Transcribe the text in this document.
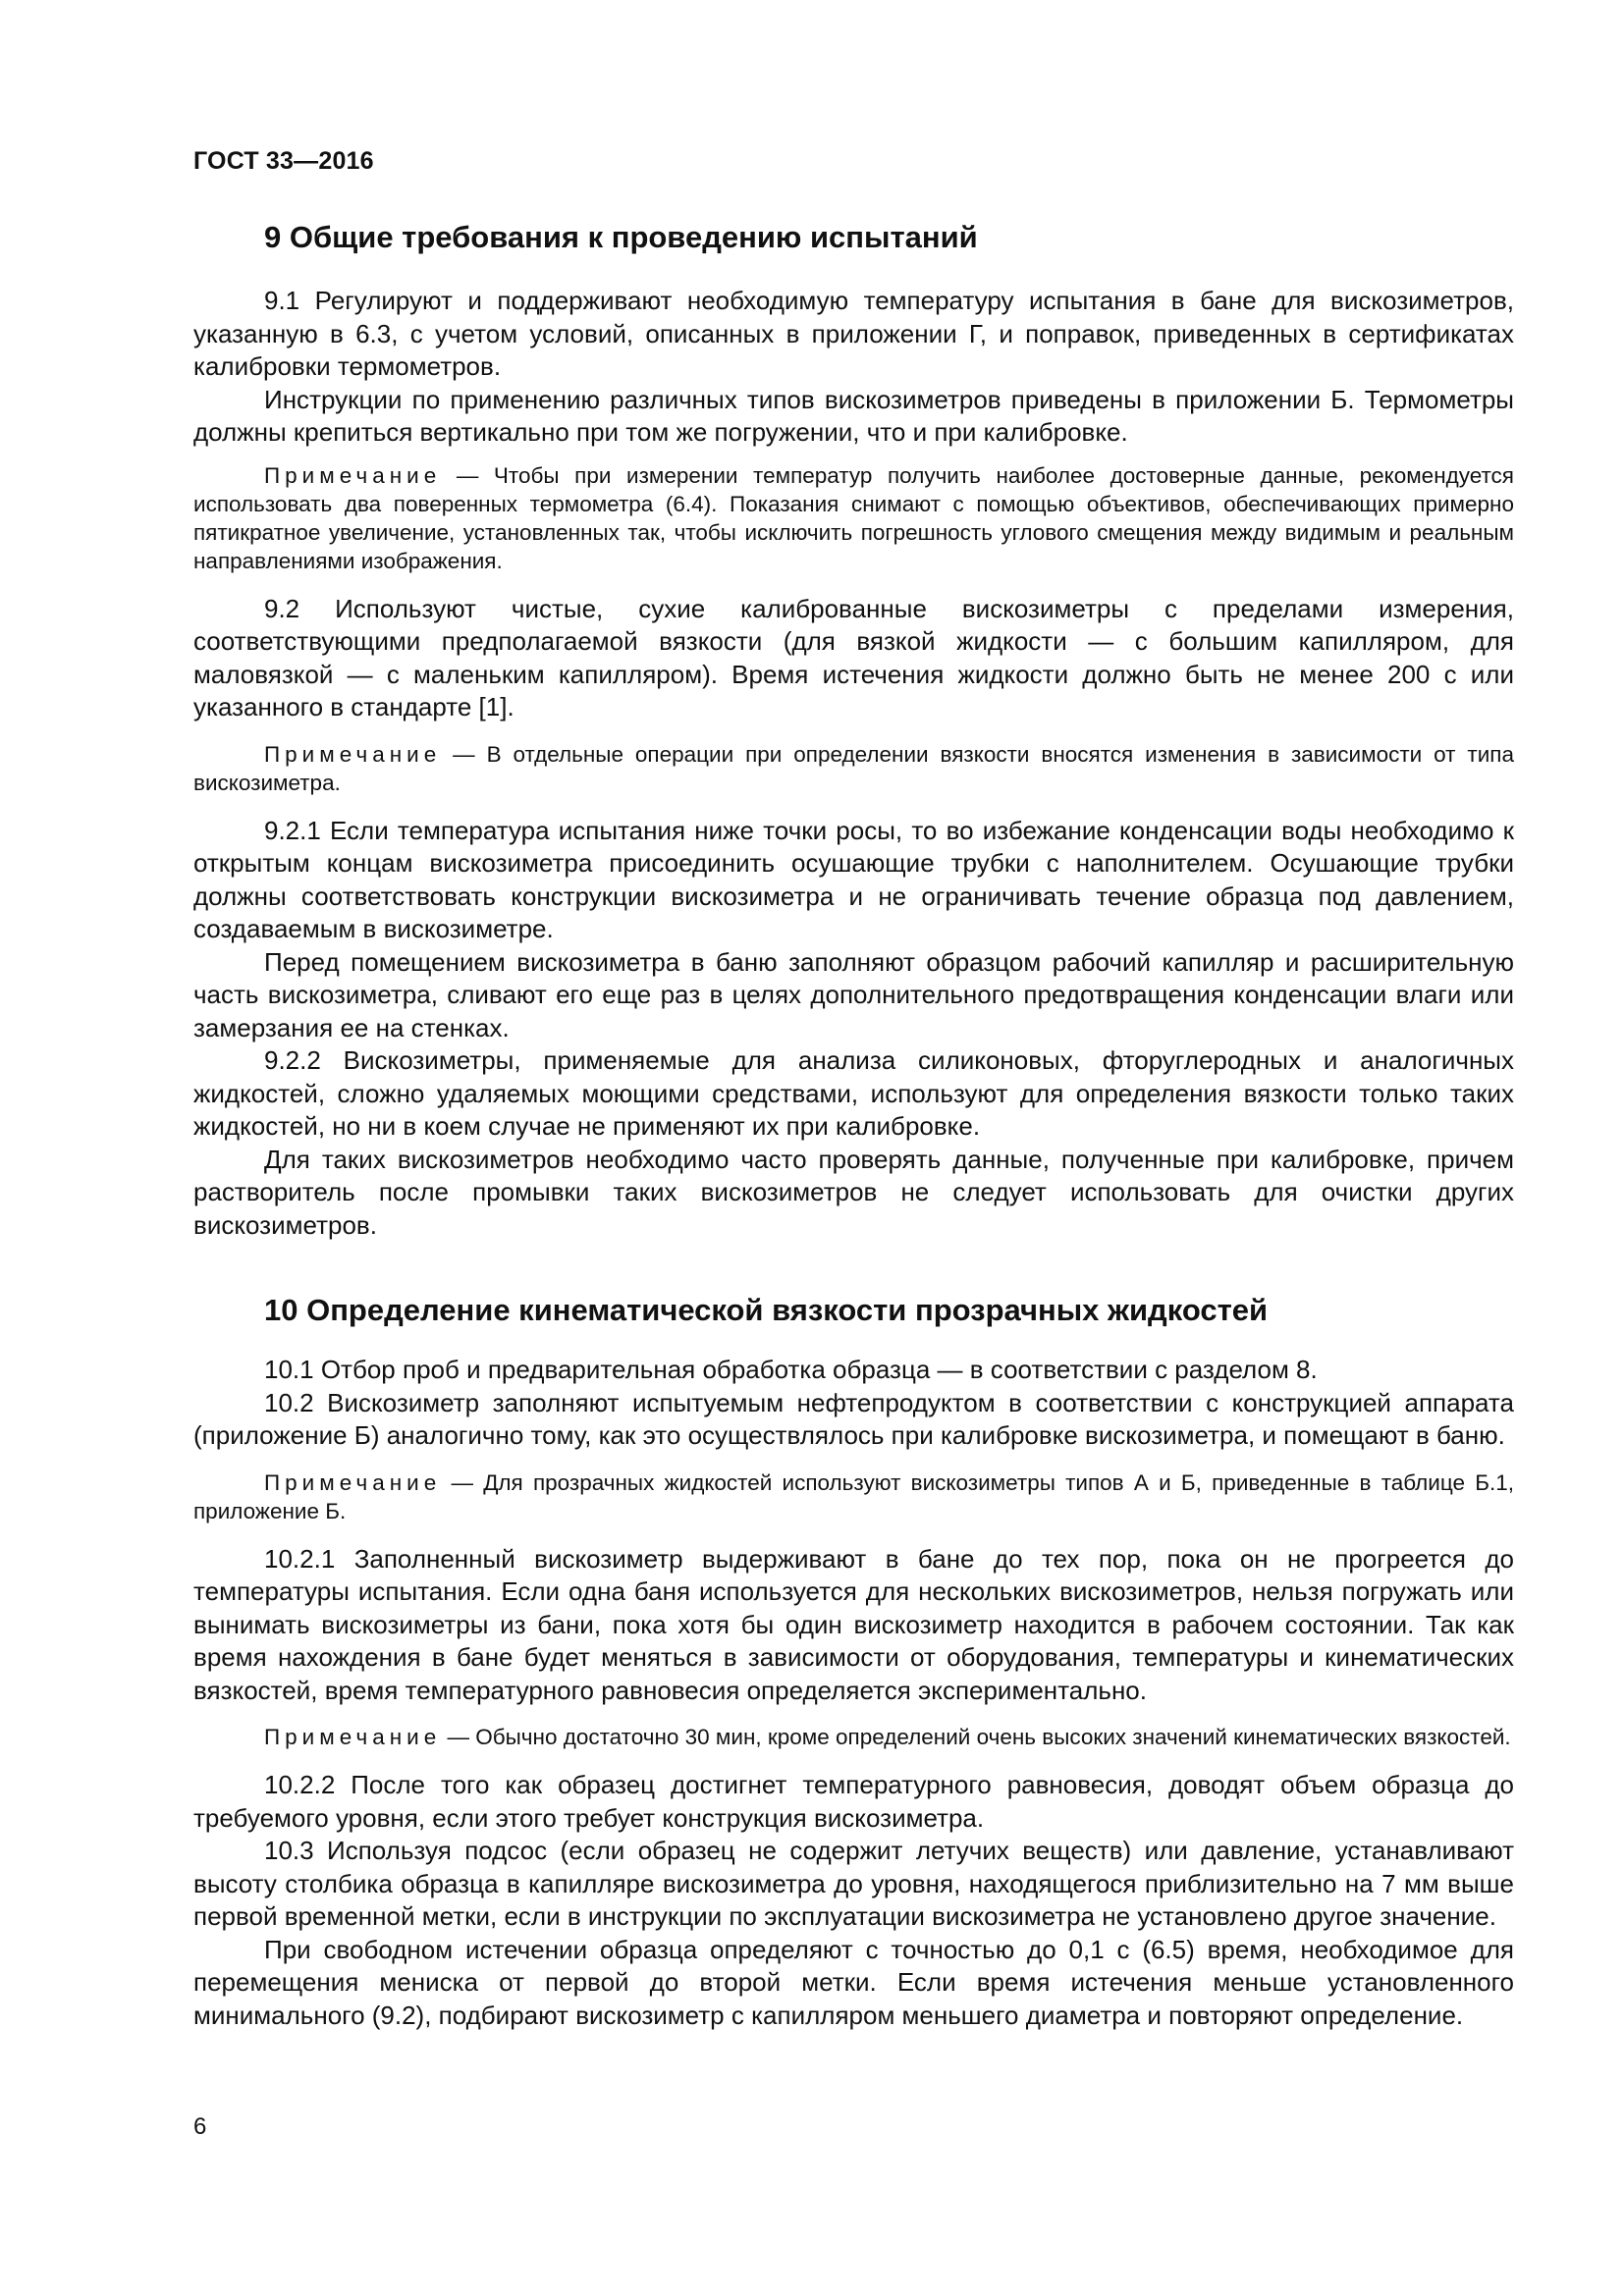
ГОСТ 33—2016
9 Общие требования к проведению испытаний

9.1 Регулируют и поддерживают необходимую температуру испытания в бане для вискозиметров, указанную в 6.3, с учетом условий, описанных в приложении Г, и поправок, приведенных в сертификатах калибровки термометров.

Инструкции по применению различных типов вискозиметров приведены в приложении Б. Термометры должны крепиться вертикально при том же погружении, что и при калибровке.

Примечание — Чтобы при измерении температур получить наиболее достоверные данные, рекомендуется использовать два поверенных термометра (6.4). Показания снимают с помощью объективов, обеспечивающих примерно пятикратное увеличение, установленных так, чтобы исключить погрешность углового смещения между видимым и реальным направлениями изображения.

9.2 Используют чистые, сухие калиброванные вискозиметры с пределами измерения, соответствующими предполагаемой вязкости (для вязкой жидкости — с большим капилляром, для маловязкой — с маленьким капилляром). Время истечения жидкости должно быть не менее 200 с или указанного в стандарте [1].

Примечание — В отдельные операции при определении вязкости вносятся изменения в зависимости от типа вискозиметра.

9.2.1 Если температура испытания ниже точки росы, то во избежание конденсации воды необходимо к открытым концам вискозиметра присоединить осушающие трубки с наполнителем. Осушающие трубки должны соответствовать конструкции вискозиметра и не ограничивать течение образца под давлением, создаваемым в вискозиметре.

Перед помещением вискозиметра в баню заполняют образцом рабочий капилляр и расширительную часть вискозиметра, сливают его еще раз в целях дополнительного предотвращения конденсации влаги или замерзания ее на стенках.

9.2.2 Вискозиметры, применяемые для анализа силиконовых, фторуглеродных и аналогичных жидкостей, сложно удаляемых моющими средствами, используют для определения вязкости только таких жидкостей, но ни в коем случае не применяют их при калибровке.

Для таких вискозиметров необходимо часто проверять данные, полученные при калибровке, причем растворитель после промывки таких вискозиметров не следует использовать для очистки других вискозиметров.

10 Определение кинематической вязкости прозрачных жидкостей

10.1 Отбор проб и предварительная обработка образца — в соответствии с разделом 8.

10.2 Вискозиметр заполняют испытуемым нефтепродуктом в соответствии с конструкцией аппарата (приложение Б) аналогично тому, как это осуществлялось при калибровке вискозиметра, и помещают в баню.

Примечание — Для прозрачных жидкостей используют вискозиметры типов А и Б, приведенные в таблице Б.1, приложение Б.

10.2.1 Заполненный вискозиметр выдерживают в бане до тех пор, пока он не прогреется до температуры испытания. Если одна баня используется для нескольких вискозиметров, нельзя погружать или вынимать вискозиметры из бани, пока хотя бы один вискозиметр находится в рабочем состоянии. Так как время нахождения в бане будет меняться в зависимости от оборудования, температуры и кинематических вязкостей, время температурного равновесия определяется экспериментально.

Примечание — Обычно достаточно 30 мин, кроме определений очень высоких значений кинематических вязкостей.

10.2.2 После того как образец достигнет температурного равновесия, доводят объем образца до требуемого уровня, если этого требует конструкция вискозиметра.

10.3 Используя подсос (если образец не содержит летучих веществ) или давление, устанавливают высоту столбика образца в капилляре вискозиметра до уровня, находящегося приблизительно на 7 мм выше первой временной метки, если в инструкции по эксплуатации вискозиметра не установлено другое значение.

При свободном истечении образца определяют с точностью до 0,1 с (6.5) время, необходимое для перемещения мениска от первой до второй метки. Если время истечения меньше установленного минимального (9.2), подбирают вискозиметр с капилляром меньшего диаметра и повторяют определение.

6
